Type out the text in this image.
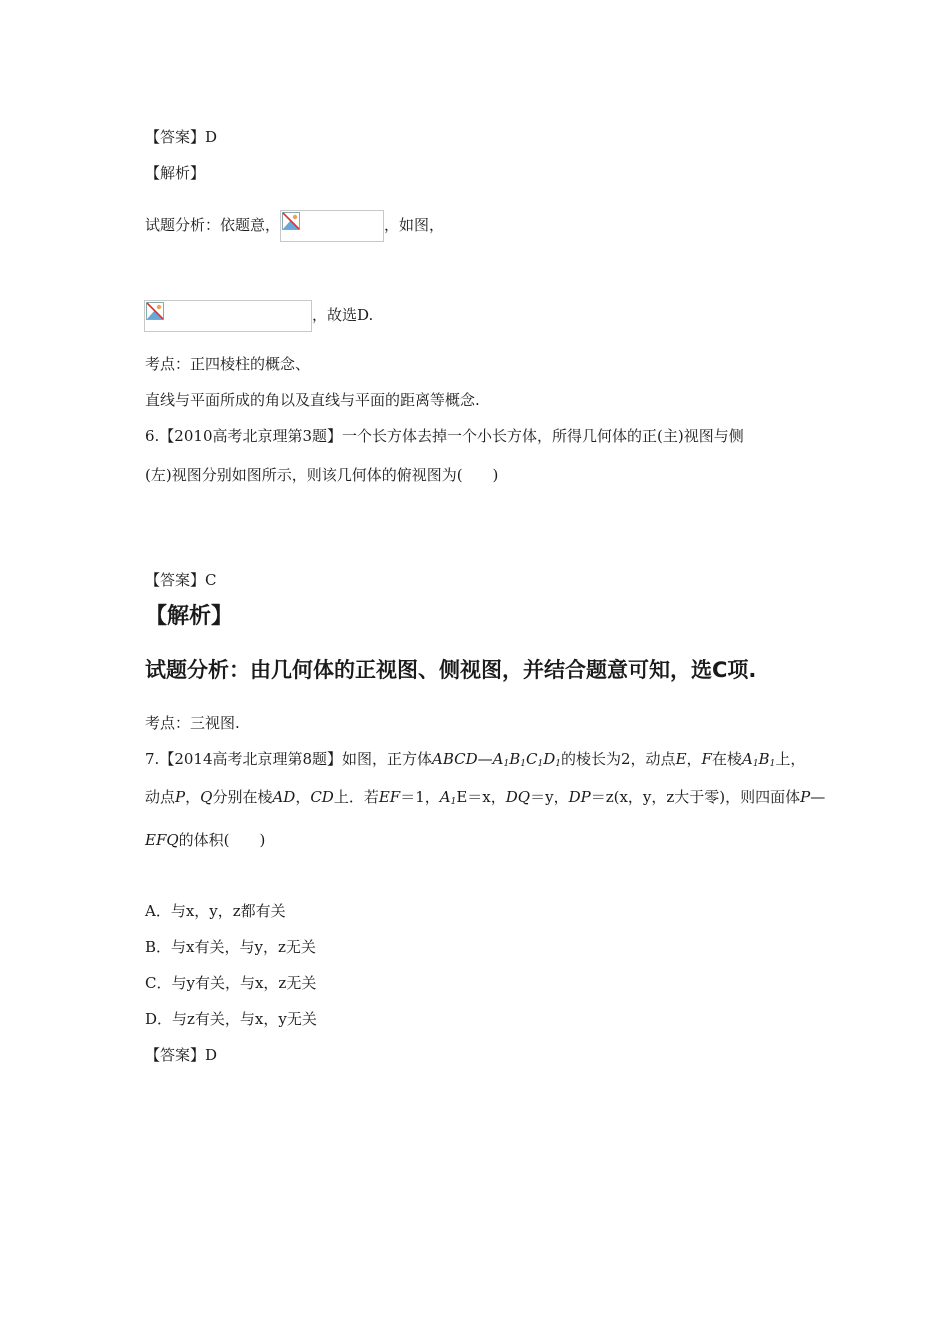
【答案】D
【解析】
试题分析：依题意，	，如图，
，故选D.
考点：正四棱柱的概念、
直线与平面所成的角以及直线与平面的距离等概念.
6.【2010高考北京理第3题】一个长方体去掉一个小长方体，所得几何体的正(主)视图与侧
(左)视图分别如图所示，则该几何体的俯视图为(　　)
【答案】C
【解析】
试题分析：由几何体的正视图、侧视图，并结合题意可知，选C项.
考点：三视图.
7.【2014高考北京理第8题】如图，正方体$ABCD—A_1B_1C_1D_1$的棱长为2，动点E，F在棱$A_1B_1$上，
动点P，Q分别在棱AD，CD上．若EF＝1，$A_1E=x$，DQ＝y，DP＝z(x，y，z大于零)，则四面体P—
EFQ的体积(　　)
A．与x，y，z都有关
B．与x有关，与y，z无关
C．与y有关，与x，z无关
D．与z有关，与x，y无关
【答案】D
